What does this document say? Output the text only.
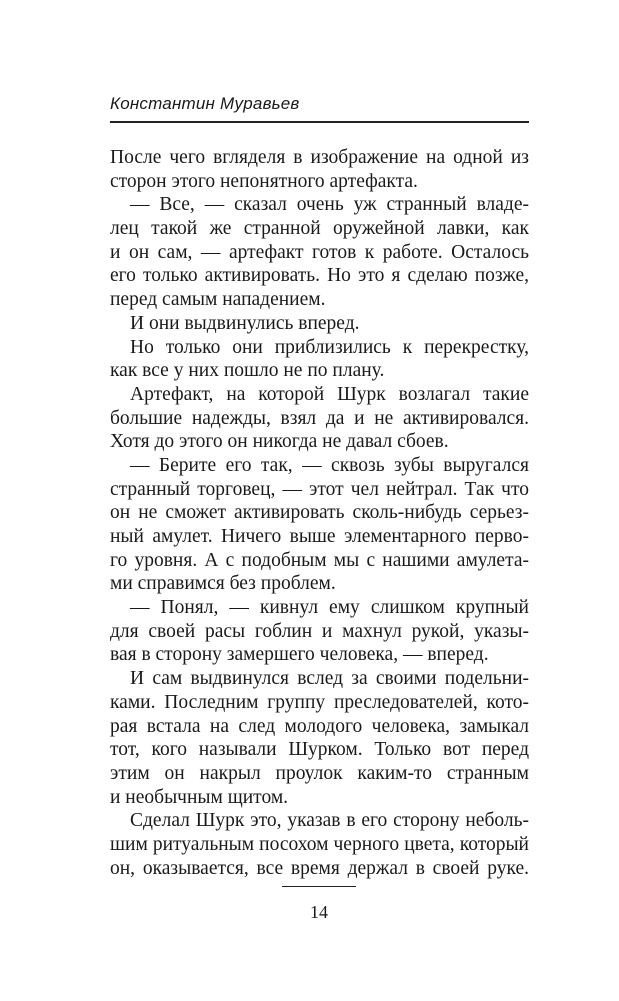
Константин Муравьев
После чего вгляделя в изображение на одной из
сторон этого непонятного артефакта.
— Все, — сказал очень уж странный владе-
лец такой же странной оружейной лавки, как
и он сам, — артефакт готов к работе. Осталось
его только активировать. Но это я сделаю позже,
перед самым нападением.
И они выдвинулись вперед.
Но только они приблизились к перекрестку,
как все у них пошло не по плану.
Артефакт, на которой Шурк возлагал такие
большие надежды, взял да и не активировался.
Хотя до этого он никогда не давал сбоев.
— Берите его так, — сквозь зубы выругался
странный торговец, — этот чел нейтрал. Так что
он не сможет активировать сколь-нибудь серьез-
ный амулет. Ничего выше элементарного перво-
го уровня. А с подобным мы с нашими амулета-
ми справимся без проблем.
— Понял, — кивнул ему слишком крупный
для своей расы гоблин и махнул рукой, указы-
вая в сторону замершего человека, — вперед.
И сам выдвинулся вслед за своими подельни-
ками. Последним группу преследователей, кото-
рая встала на след молодого человека, замыкал
тот, кого называли Шурком. Только вот перед
этим он накрыл проулок каким-то странным
и необычным щитом.
Сделал Шурк это, указав в его сторону неболь-
шим ритуальным посохом черного цвета, который
он, оказывается, все время держал в своей руке.
14
